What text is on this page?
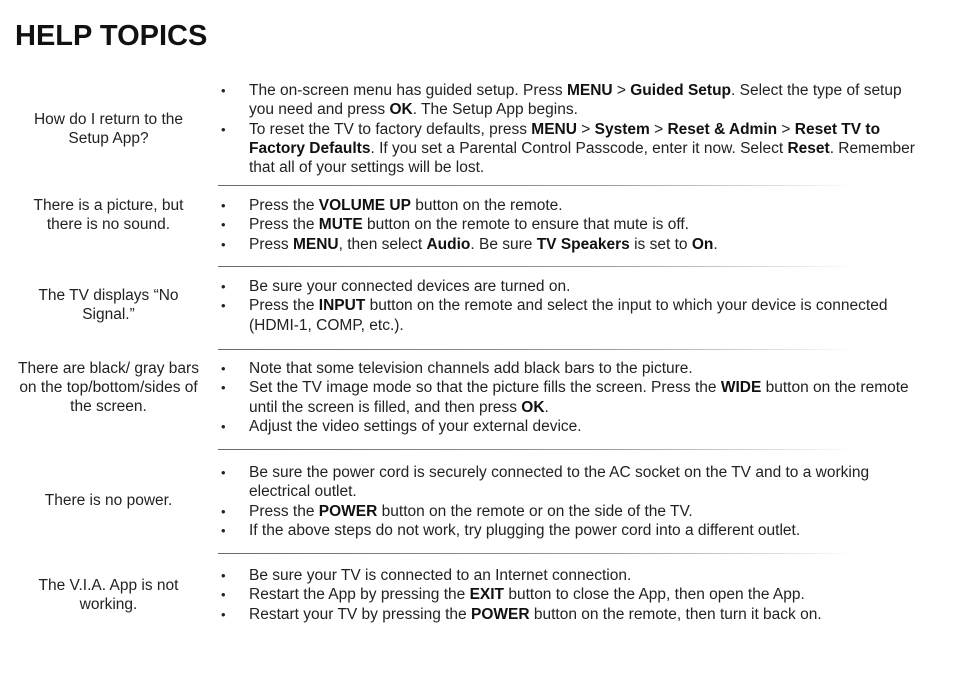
HELP TOPICS
How do I return to the Setup App?
• The on-screen menu has guided setup. Press MENU > Guided Setup. Select the type of setup you need and press OK. The Setup App begins.
• To reset the TV to factory defaults, press MENU > System > Reset & Admin > Reset TV to Factory Defaults. If you set a Parental Control Passcode, enter it now. Select Reset. Remember that all of your settings will be lost.
There is a picture, but there is no sound.
• Press the VOLUME UP button on the remote.
• Press the MUTE button on the remote to ensure that mute is off.
• Press MENU, then select Audio. Be sure TV Speakers is set to On.
The TV displays “No Signal.”
• Be sure your connected devices are turned on.
• Press the INPUT button on the remote and select the input to which your device is connected (HDMI-1, COMP, etc.).
There are black/ gray bars on the top/bottom/sides of the screen.
• Note that some television channels add black bars to the picture.
• Set the TV image mode so that the picture fills the screen. Press the WIDE button on the remote until the screen is filled, and then press OK.
• Adjust the video settings of your external device.
There is no power.
• Be sure the power cord is securely connected to the AC socket on the TV and to a working electrical outlet.
• Press the POWER button on the remote or on the side of the TV.
• If the above steps do not work, try plugging the power cord into a different outlet.
The V.I.A. App is not working.
• Be sure your TV is connected to an Internet connection.
• Restart the App by pressing the EXIT button to close the App, then open the App.
• Restart your TV by pressing the POWER button on the remote, then turn it back on.
